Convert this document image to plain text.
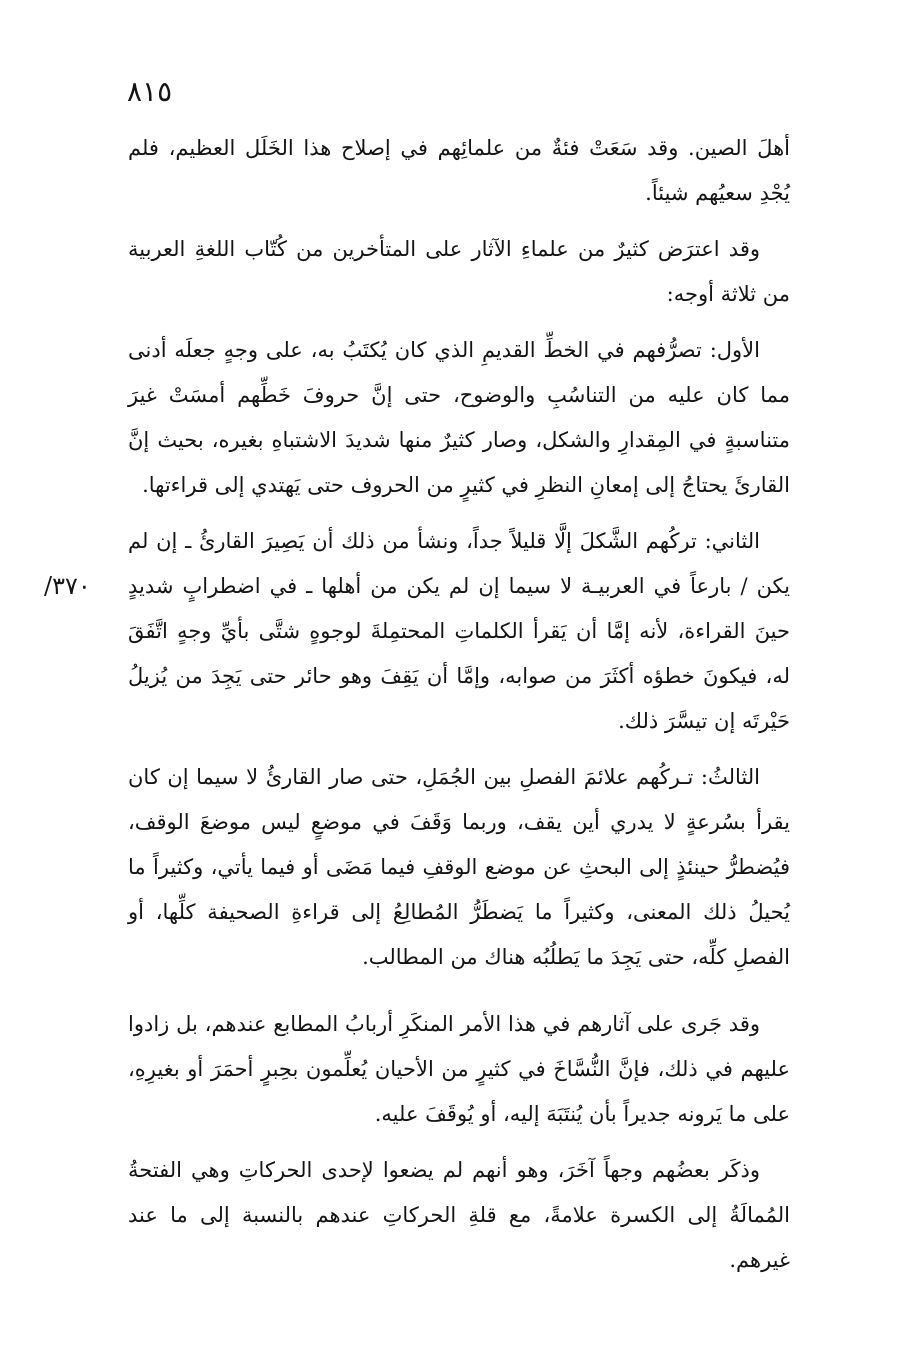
٨١٥
٣٧٠/

أهلَ الصين. وقد سَعَتْ فئةٌ من علمائِهم في إصلاح هذا الخَلَل العظيم، فلم يُجْدِ سعيُهم شيئاً.

وقد اعترَض كثيرٌ من علماءِ الآثار على المتأخرين من كُتّاب اللغةِ العربية من ثلاثة أوجه:

الأول: تصرُّفهم في الخطِّ القديمِ الذي كان يُكتَبُ به، على وجهٍ جعلَه أدنى مما كان عليه من التناسُبِ والوضوح، حتى إنَّ حروفَ خَطِّهم أمسَتْ غيرَ متناسبةٍ في المِقدارِ والشكل، وصار كثيرٌ منها شديدَ الاشتباهِ بغيره، بحيث إنَّ القارئَ يحتاجُ إلى إمعانِ النظرِ في كثيرٍ من الحروف حتى يَهتدي إلى قراءتها.

الثاني: تركُهم الشَّكلَ إلَّا قليلاً جداً، ونشأ من ذلك أن يَصِيرَ القارئُ ـ إن لم يكن / بارعاً في العربيـة لا سيما إن لم يكن من أهلها ـ في اضطرابٍ شديدٍ حينَ القراءة، لأنه إمَّا أن يَقرأ الكلماتِ المحتمِلةَ لوجوهٍ شتَّى بأيِّ وجهٍ اتَّفَقَ له، فيكونَ خطؤه أكثَرَ من صوابه، وإمَّا أن يَقِفَ وهو حائر حتى يَجِدَ من يُزيلُ حَيْرتَه إن تيسَّرَ ذلك.

الثالثُ: تـركُهم علائمَ الفصلِ بين الجُمَلِ، حتى صار القارئُ لا سيما إن كان يقرأ بسُرعةٍ لا يدري أين يقف، وربما وَقَفَ في موضعٍ ليس موضعَ الوقف، فيُضطرُّ حينئذٍ إلى البحثِ عن موضع الوقفِ فيما مَضَى أو فيما يأتي، وكثيراً ما يُحيلُ ذلك المعنى، وكثيراً ما يَضطَرُّ المُطالِعُ إلى قراءةِ الصحيفة كلِّها، أو الفصلِ كلِّه، حتى يَجِدَ ما يَطلُبُه هناك من المطالب.

وقد جَرى على آثارهم في هذا الأمر المنكَرِ أربابُ المطابع عندهم، بل زادوا عليهم في ذلك، فإنَّ النُّسَّاخَ في كثيرٍ من الأحيان يُعلِّمون بحِبرٍ أحمَرَ أو بغيرِهِ، على ما يَرونه جديراً بأن يُنتَبَهَ إليه، أو يُوقَفَ عليه.

وذكَر بعضُهم وجهاً آخَرَ، وهو أنهم لم يضعوا لإحدى الحركاتِ وهي الفتحةُ المُمالَةُ إلى الكسرة علامةً، مع قلةِ الحركاتِ عندهم بالنسبة إلى ما عند غيرهم.
